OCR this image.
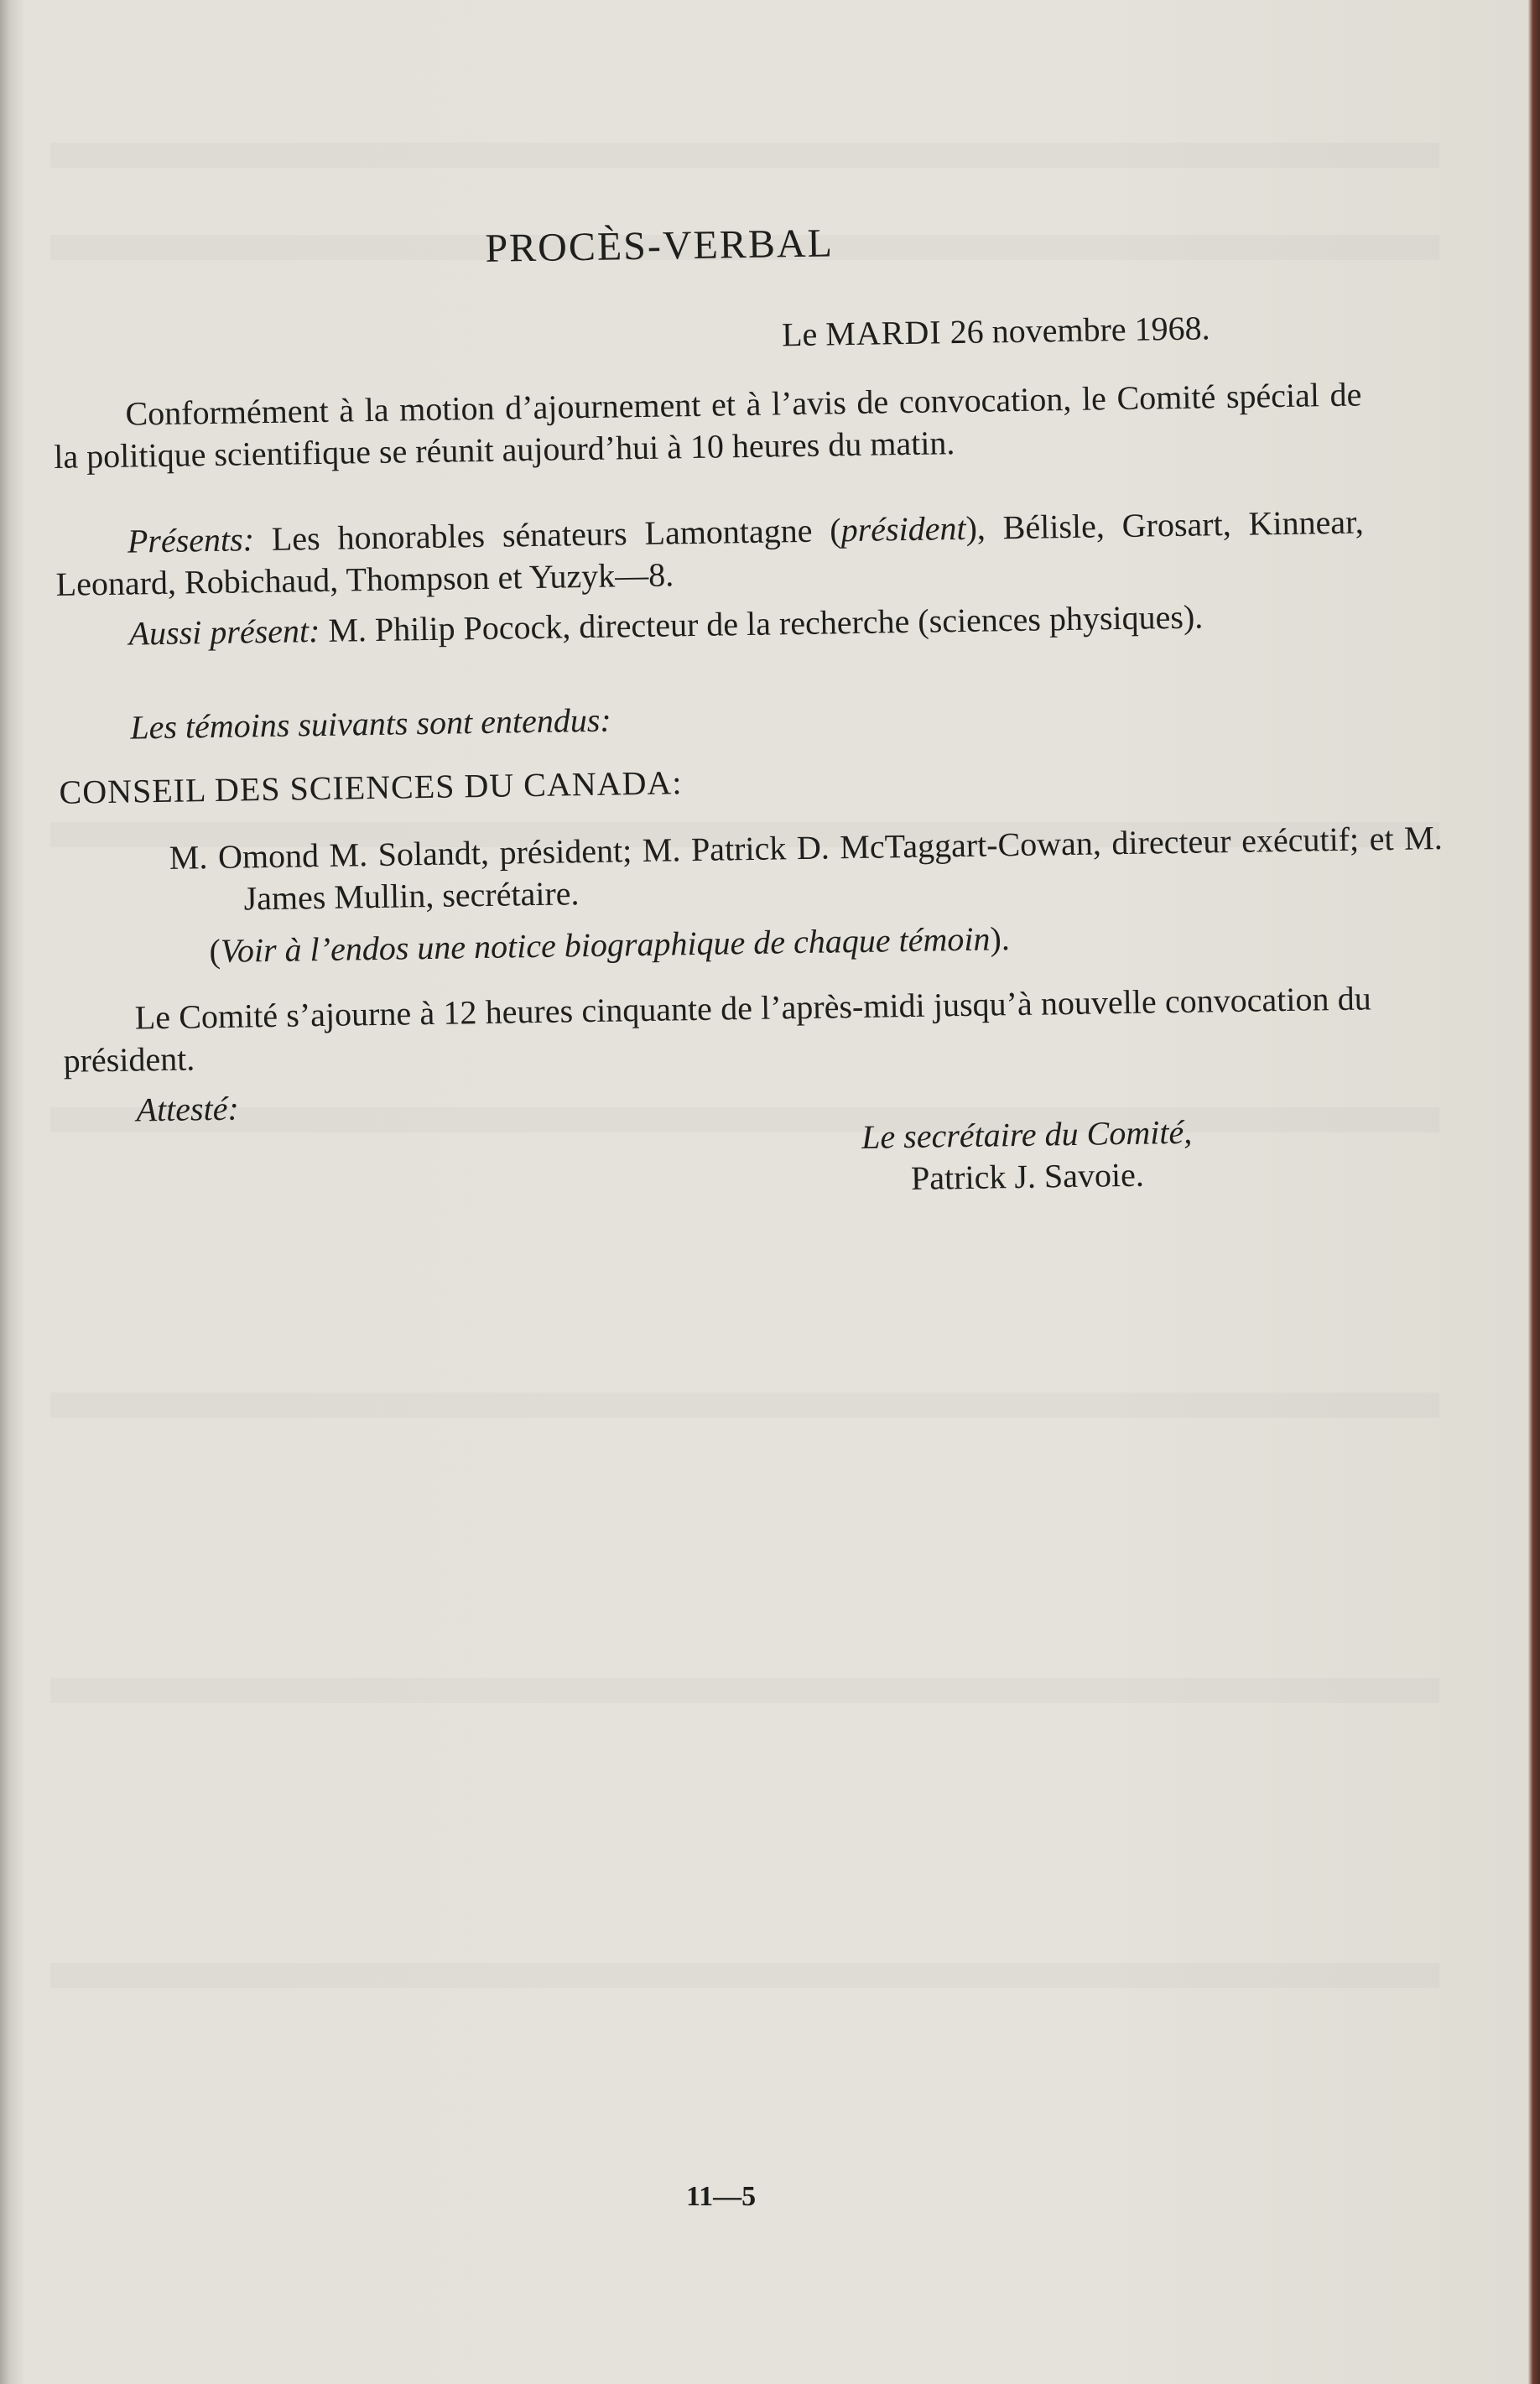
PROCÈS-VERBAL
Le MARDI 26 novembre 1968.

Conformément à la motion d’ajournement et à l’avis de convocation, le Comité spécial de la politique scientifique se réunit aujourd’hui à 10 heures du matin.

Présents: Les honorables sénateurs Lamontagne (président), Bélisle, Grosart, Kinnear, Leonard, Robichaud, Thompson et Yuzyk—8.

Aussi présent: M. Philip Pocock, directeur de la recherche (sciences physiques).

Les témoins suivants sont entendus:

CONSEIL DES SCIENCES DU CANADA:

M. Omond M. Solandt, président; M. Patrick D. McTaggart-Cowan, directeur exécutif; et M. James Mullin, secrétaire.

(Voir à l’endos une notice biographique de chaque témoin).

Le Comité s’ajourne à 12 heures cinquante de l’après-midi jusqu’à nouvelle convocation du président.

Attesté:

Le secrétaire du Comité,
Patrick J. Savoie.
11—5
